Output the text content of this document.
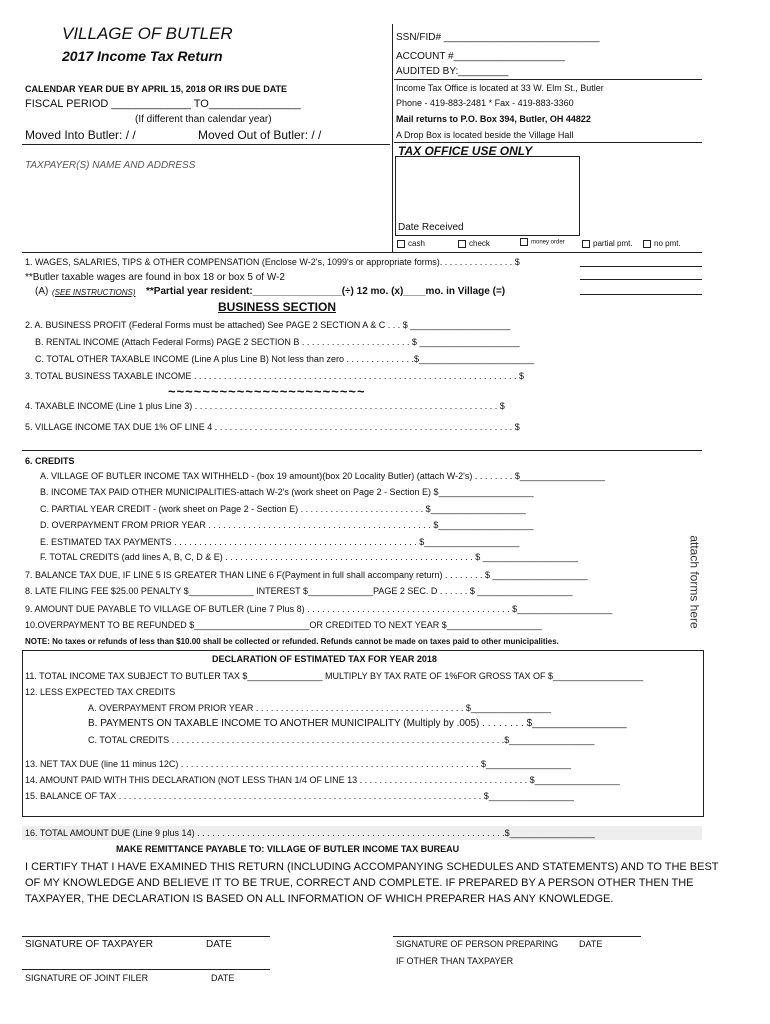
VILLAGE OF BUTLER
2017 Income Tax Return
CALENDAR YEAR DUE BY APRIL 15, 2018 OR IRS DUE DATE
FISCAL PERIOD _____________ TO_______________
(If different than calendar year)
Moved Into Butler: / /	Moved Out of Butler: / /
TAXPAYER(S) NAME AND ADDRESS
SSN/FID# ____________________________
ACCOUNT #____________________
AUDITED BY:_________
Income Tax Office is located at 33 W. Elm St., Butler
Phone - 419-883-2481 * Fax - 419-883-3360
Mail returns to P.O. Box 394, Butler, OH 44822
A Drop Box is located beside the Village Hall
TAX OFFICE USE ONLY
Date Received
cash	check	money order	partial pmt.	no pmt.
1. WAGES, SALARIES, TIPS & OTHER COMPENSATION (Enclose W-2's, 1099's or appropriate forms). . . . . . . . . . . . . . . $
**Butler taxable wages are found in box 18 or box 5 of W-2
(A) (SEE INSTRUCTIONS) **Partial year resident:________________(÷) 12 mo. (x)____mo. in Village (=)
BUSINESS SECTION
2. A. BUSINESS PROFIT (Federal Forms must be attached) See PAGE 2 SECTION A & C . . . $ ____________________
B. RENTAL INCOME (Attach Federal Forms) PAGE 2 SECTION B . . . . . . . . . . . . . . . . . . . . . . $ ____________________
C. TOTAL OTHER TAXABLE INCOME (Line A plus Line B) Not less than zero . . . . . . . . . . . . . .$_______________________
3. TOTAL BUSINESS TAXABLE INCOME . . . . . . . . . . . . . . . . . . . . . . . . . . . . . . . . . . . . . . . . . . . . . . . . . . . . . . . . . . . . . . . . . $
~~~~~~~~~~~~~~~~~~~~~~~
4. TAXABLE INCOME (Line 1 plus Line 3) . . . . . . . . . . . . . . . . . . . . . . . . . . . . . . . . . . . . . . . . . . . . . . . . . . . . . . . . . . . . . $
5. VILLAGE INCOME TAX DUE 1% OF LINE 4 . . . . . . . . . . . . . . . . . . . . . . . . . . . . . . . . . . . . . . . . . . . . . . . . . . . . . . . . . . . . $
6. CREDITS
A. VILLAGE OF BUTLER INCOME TAX WITHHELD - (box 19 amount)(box 20 Locality Butler) (attach W-2's) . . . . . . . . $_________________
B. INCOME TAX PAID OTHER MUNICIPALITIES-attach W-2's (work sheet on Page 2 - Section E) $___________________
C. PARTIAL YEAR CREDIT - (work sheet on Page 2 - Section E) . . . . . . . . . . . . . . . . . . . . . . . . . $___________________
D. OVERPAYMENT FROM PRIOR YEAR . . . . . . . . . . . . . . . . . . . . . . . . . . . . . . . . . . . . . . . . . . . . . $___________________
E. ESTIMATED TAX PAYMENTS . . . . . . . . . . . . . . . . . . . . . . . . . . . . . . . . . . . . . . . . . . . . . . . . . $___________________
F. TOTAL CREDITS (add lines A, B, C, D & E) . . . . . . . . . . . . . . . . . . . . . . . . . . . . . . . . . . . . . . . . . . . . . . . . . . $ ___________________
7. BALANCE TAX DUE, IF LINE 5 IS GREATER THAN LINE 6 F(Payment in full shall accompany return) . . . . . . . . $ ___________________
8. LATE FILING FEE $25.00 PENALTY $_____________ INTEREST $_____________PAGE 2 SEC. D . . . . . . $ ___________________
9. AMOUNT DUE PAYABLE TO VILLAGE OF BUTLER (Line 7 Plus 8) . . . . . . . . . . . . . . . . . . . . . . . . . . . . . . . . . . . . . . . . . $___________________
10.OVERPAYMENT TO BE REFUNDED $_______________________OR CREDITED TO NEXT YEAR $___________________
NOTE: No taxes or refunds of less than $10.00 shall be collected or refunded. Refunds cannot be made on taxes paid to other municipalities.
attach forms here
DECLARATION OF ESTIMATED TAX FOR YEAR 2018
11. TOTAL INCOME TAX SUBJECT TO BUTLER TAX $_______________ MULTIPLY BY TAX RATE OF 1%FOR GROSS TAX OF $__________________
12. LESS EXPECTED TAX CREDITS
A. OVERPAYMENT FROM PRIOR YEAR . . . . . . . . . . . . . . . . . . . . . . . . . . . . . . . . . . . . . . . . . . $________________
B. PAYMENTS ON TAXABLE INCOME TO ANOTHER MUNICIPALITY (Multiply by .005) . . . . . . . . $_________________
C. TOTAL CREDITS . . . . . . . . . . . . . . . . . . . . . . . . . . . . . . . . . . . . . . . . . . . . . . . . . . . . . . . . . . . . . . . . . . .$_________________
13. NET TAX DUE (line 11 minus 12C) . . . . . . . . . . . . . . . . . . . . . . . . . . . . . . . . . . . . . . . . . . . . . . . . . . . . . . . . . . . . $_________________
14. AMOUNT PAID WITH THIS DECLARATION (NOT LESS THAN 1/4 OF LINE 13 . . . . . . . . . . . . . . . . . . . . . . . . . . . . . . . . . . $_________________
15. BALANCE OF TAX . . . . . . . . . . . . . . . . . . . . . . . . . . . . . . . . . . . . . . . . . . . . . . . . . . . . . . . . . . . . . . . . . . . . . . . . . $_________________
16. TOTAL AMOUNT DUE (Line 9 plus 14) . . . . . . . . . . . . . . . . . . . . . . . . . . . . . . . . . . . . . . . . . . . . . . . . . . . . . . . . . . . . . .$_________________
MAKE REMITTANCE PAYABLE TO: VILLAGE OF BUTLER INCOME TAX BUREAU
I CERTIFY THAT I HAVE EXAMINED THIS RETURN (INCLUDING ACCOMPANYING SCHEDULES AND STATEMENTS) AND TO THE BEST
OF MY KNOWLEDGE AND BELIEVE IT TO BE TRUE, CORRECT AND COMPLETE. IF PREPARED BY A PERSON OTHER THEN THE
TAXPAYER, THE DECLARATION IS BASED ON ALL INFORMATION OF WHICH PREPARER HAS ANY KNOWLEDGE.
SIGNATURE OF TAXPAYER	DATE	SIGNATURE OF PERSON PREPARING DATE
IF OTHER THAN TAXPAYER
SIGNATURE OF JOINT FILER	DATE
